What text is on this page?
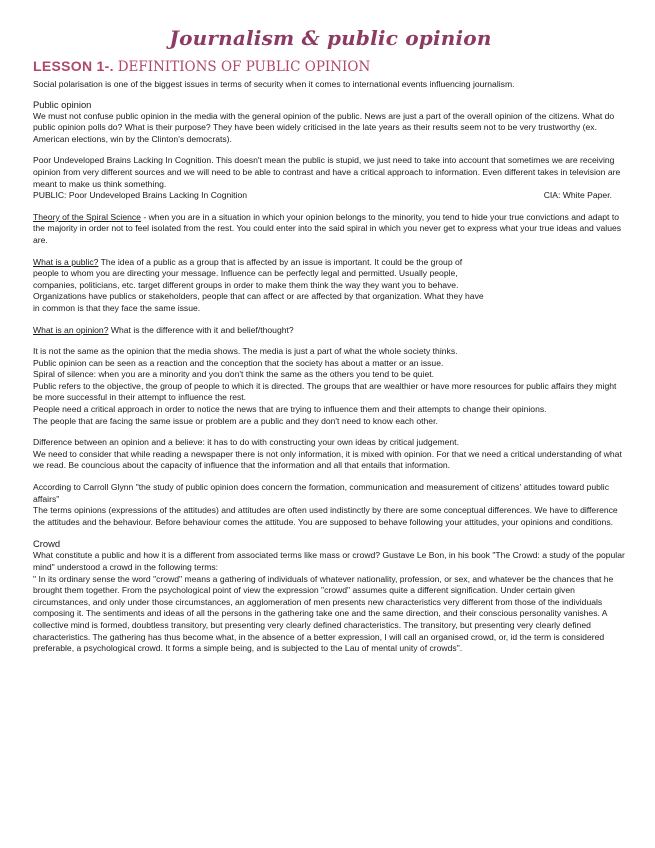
Journalism & public opinion
LESSON 1-. DEFINITIONS OF PUBLIC OPINION

Social polarisation is one of the biggest issues in terms of security when it comes to international events influencing journalism.

Public opinion

We must not confuse public opinion in the media with the general opinion of the public. News are just a part of the overall opinion of the citizens. What do public opinion polls do? What is their purpose? They have been widely criticised in the late years as their results seem not to be very trustworthy (ex. American elections, win by the Clinton's democrats).

Poor Undeveloped Brains Lacking In Cognition. This doesn't mean the public is stupid, we just need to take into account that sometimes we are receiving opinion from very different sources and we will need to be able to contrast and have a critical approach to information. Even different takes in television are meant to make us think something.

PUBLIC: Poor Undeveloped Brains Lacking In Cognition	CIA: White Paper.

Theory of the Spiral Science - when you are in a situation in which your opinion belongs to the minority, you tend to hide your true convictions and adapt to the majority in order not to feel isolated from the rest. You could enter into the said spiral in which you never get to express what your true ideas and values are.

What is a public? The idea of a public as a group that is affected by an issue is important. It could be the group of

people to whom you are directing your message. Influence can be perfectly legal and permitted. Usually people,

companies, politicians, etc. target different groups in order to make them think the way they want you to behave.

Organizations have publics or stakeholders, people that can affect or are affected by that organization. What they have

in common is that they face the same issue.

What is an opinion? What is the difference with it and belief/thought?

It is not the same as the opinion that the media shows. The media is just a part of what the whole society thinks.

Public opinion can be seen as a reaction and the conception that the society has about a matter or an issue.

Spiral of silence: when you are a minority and you don't think the same as the others you tend to be quiet.

Public refers to the objective, the group of people to which it is directed. The groups that are wealthier or have more resources for public affairs they might be more successful in their attempt to influence the rest.

People need a critical approach in order to notice the news that are trying to influence them and their attempts to change their opinions.

The people that are facing the same issue or problem are a public and they don't need to know each other.

Difference between an opinion and a believe: it has to do with constructing your own ideas by critical judgement.

We need to consider that while reading a newspaper there is not only information, it is mixed with opinion. For that we need a critical understanding of what we read. Be councious about the capacity of influence that the information and all that entails that information.

According to Carroll Glynn "the study of public opinion does concern the formation, communication and measurement of citizens' attitudes toward public affairs"

The terms opinions (expressions of the attitudes) and attitudes are often used indistinctly by there are some conceptual differences. We have to difference the attitudes and the behaviour. Before behaviour comes the attitude. You are supposed to behave following your attitudes, your opinions and conditions.

Crowd

What constitute a public and how it is a different from associated terms like mass or crowd? Gustave Le Bon, in his book "The Crowd: a study of the popular mind" understood a crowd in the following terms:

" In its ordinary sense the word "crowd" means a gathering of individuals of whatever nationality, profession, or sex, and whatever be the chances that he brought them together. From the psychological point of view the expression "crowd" assumes quite a different signification. Under certain given circumstances, and only under those circumstances, an agglomeration of men presents new characteristics very different from those of the individuals composing it. The sentiments and ideas of all the persons in the gathering take one and the same direction, and their conscious personality vanishes. A collective mind is formed, doubtless transitory, but presenting very clearly defined characteristics. The transitory, but presenting very clearly defined characteristics. The gathering has thus become what, in the absence of a better expression, I will call an organised crowd, or, id the term is considered preferable, a psychological crowd. It forms a simple being, and is subjected to the Lau of mental unity of crowds".
